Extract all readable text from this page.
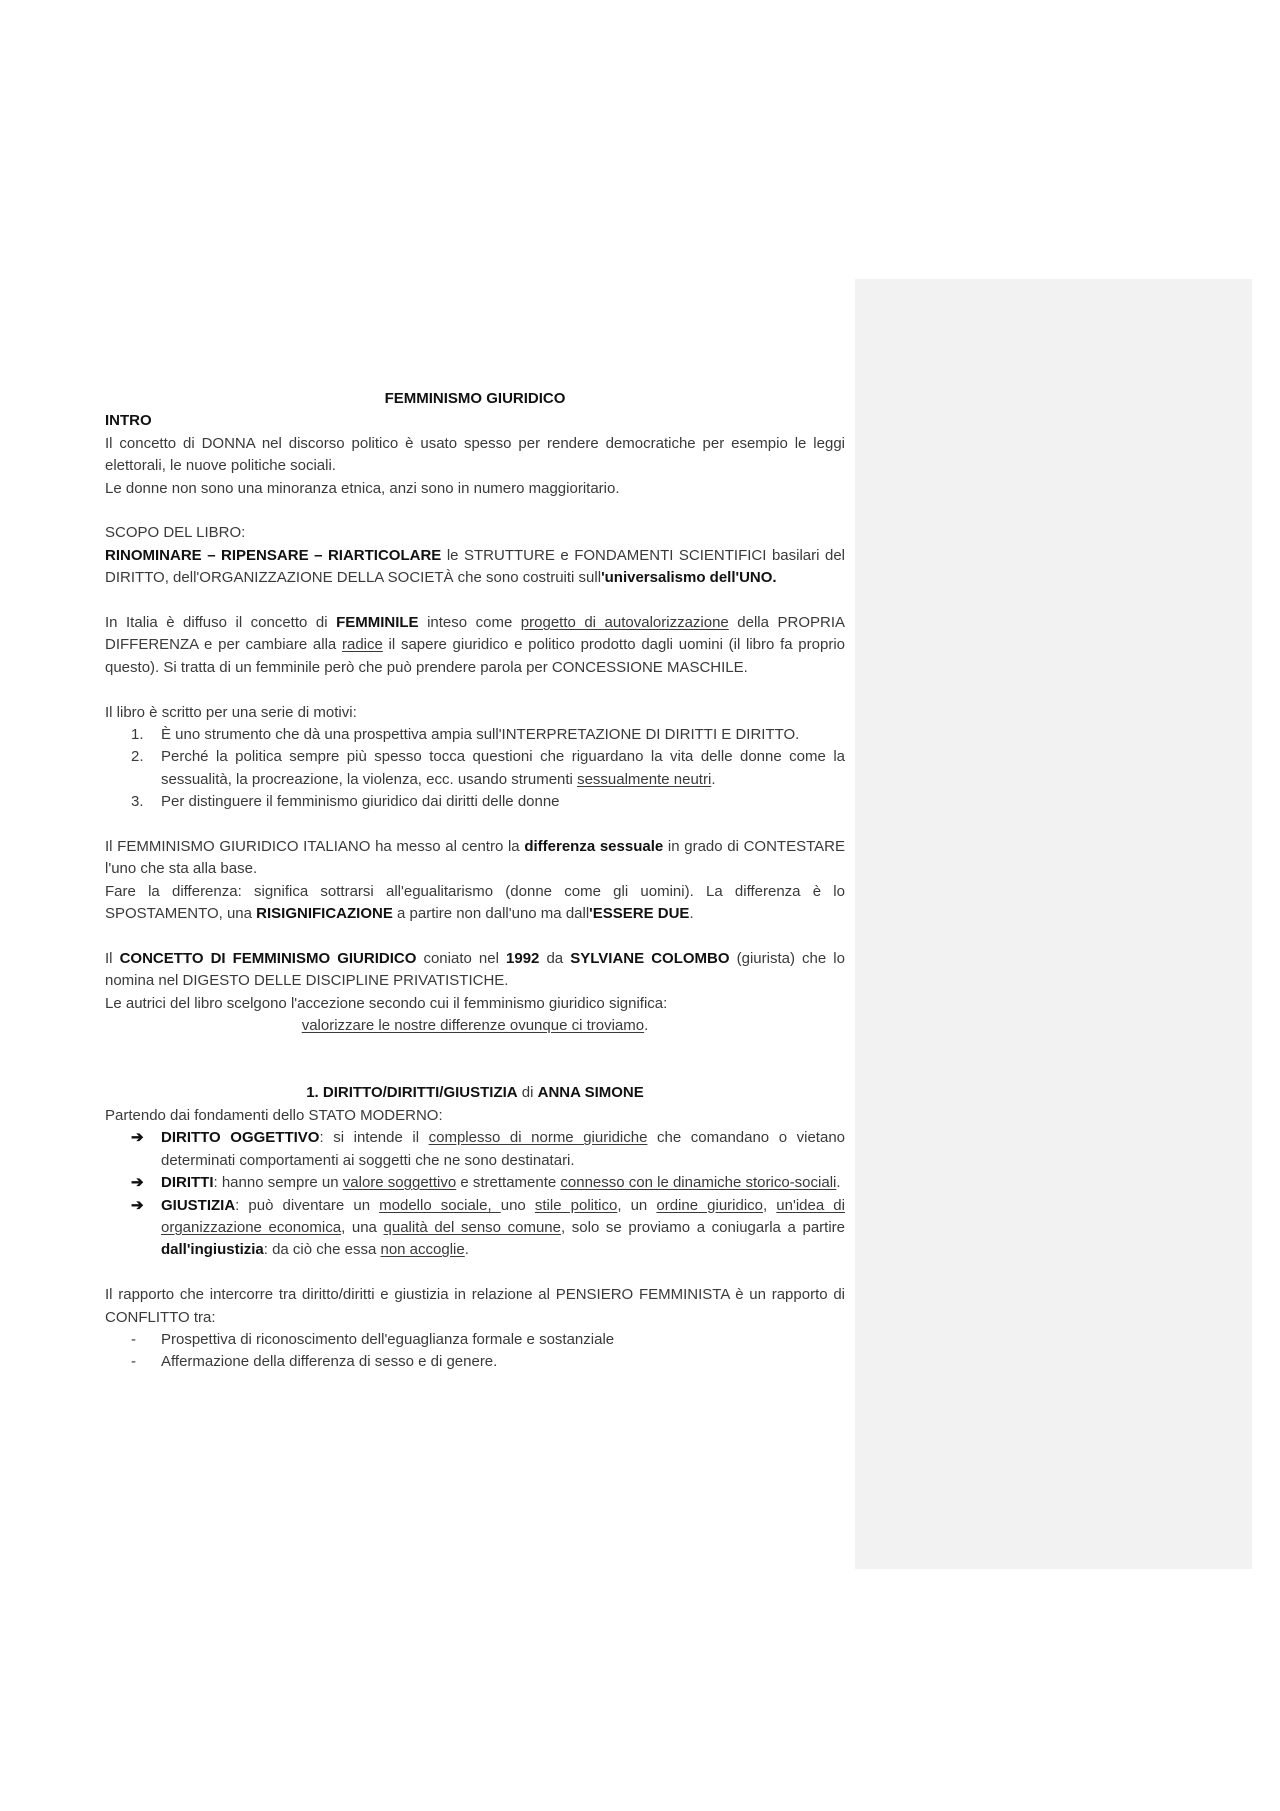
FEMMINISMO GIURIDICO

INTRO

Il concetto di DONNA nel discorso politico è usato spesso per rendere democratiche per esempio le leggi elettorali, le nuove politiche sociali.

Le donne non sono una minoranza etnica, anzi sono in numero maggioritario.

SCOPO DEL LIBRO:

RINOMINARE – RIPENSARE – RIARTICOLARE le STRUTTURE e FONDAMENTI SCIENTIFICI basilari del DIRITTO, dell'ORGANIZZAZIONE DELLA SOCIETÀ che sono costruiti sull'universalismo dell'UNO.

In Italia è diffuso il concetto di FEMMINILE inteso come progetto di autovalorizzazione della PROPRIA DIFFERENZA e per cambiare alla radice il sapere giuridico e politico prodotto dagli uomini (il libro fa proprio questo). Si tratta di un femminile però che può prendere parola per CONCESSIONE MASCHILE.

Il libro è scritto per una serie di motivi:

1. È uno strumento che dà una prospettiva ampia sull'INTERPRETAZIONE DI DIRITTI E DIRITTO.
2. Perché la politica sempre più spesso tocca questioni che riguardano la vita delle donne come la sessualità, la procreazione, la violenza, ecc. usando strumenti sessualmente neutri.
3. Per distinguere il femminismo giuridico dai diritti delle donne

Il FEMMINISMO GIURIDICO ITALIANO ha messo al centro la differenza sessuale in grado di CONTESTARE l'uno che sta alla base.

Fare la differenza: significa sottrarsi all'egualitarismo (donne come gli uomini). La differenza è lo SPOSTAMENTO, una RISIGNIFICAZIONE a partire non dall'uno ma dall'ESSERE DUE.

Il CONCETTO DI FEMMINISMO GIURIDICO coniato nel 1992 da SYLVIANE COLOMBO (giurista) che lo nomina nel DIGESTO DELLE DISCIPLINE PRIVATISTICHE.

Le autrici del libro scelgono l'accezione secondo cui il femminismo giuridico significa:

valorizzare le nostre differenze ovunque ci troviamo.

1. DIRITTO/DIRITTI/GIUSTIZIA di ANNA SIMONE

Partendo dai fondamenti dello STATO MODERNO:

➔ DIRITTO OGGETTIVO: si intende il complesso di norme giuridiche che comandano o vietano determinati comportamenti ai soggetti che ne sono destinatari.
➔ DIRITTI: hanno sempre un valore soggettivo e strettamente connesso con le dinamiche storico-sociali.
➔ GIUSTIZIA: può diventare un modello sociale, uno stile politico, un ordine giuridico, un'idea di organizzazione economica, una qualità del senso comune, solo se proviamo a coniugarla a partire dall'ingiustizia: da ciò che essa non accoglie.

Il rapporto che intercorre tra diritto/diritti e giustizia in relazione al PENSIERO FEMMINISTA è un rapporto di CONFLITTO tra:

- Prospettiva di riconoscimento dell'eguaglianza formale e sostanziale
- Affermazione della differenza di sesso e di genere.
